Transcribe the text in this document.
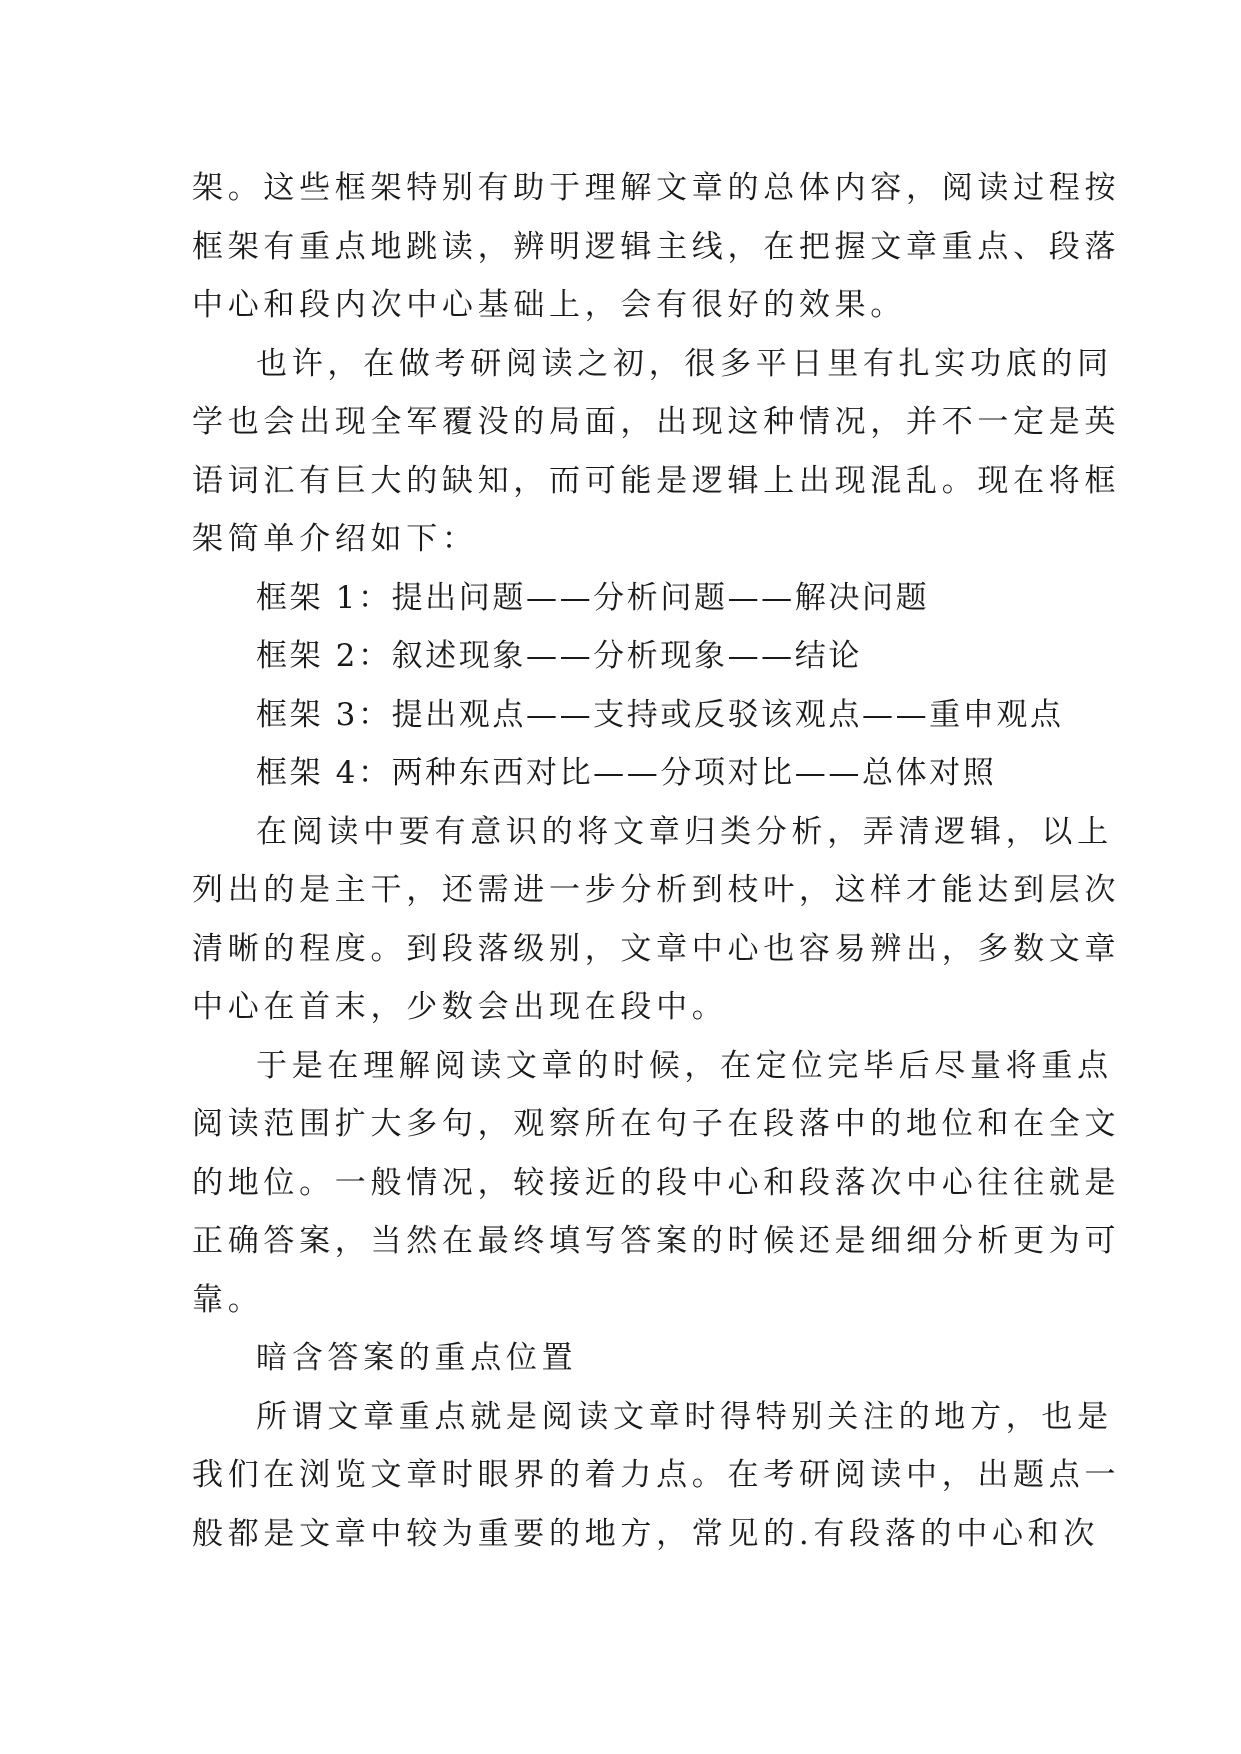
架。这些框架特别有助于理解文章的总体内容，阅读过程按
框架有重点地跳读，辨明逻辑主线，在把握文章重点、段落
中心和段内次中心基础上，会有很好的效果。
也许，在做考研阅读之初，很多平日里有扎实功底的同
学也会出现全军覆没的局面，出现这种情况，并不一定是英
语词汇有巨大的缺知，而可能是逻辑上出现混乱。现在将框
架简单介绍如下：
框架 1：提出问题——分析问题——解决问题
框架 2：叙述现象——分析现象——结论
框架 3：提出观点——支持或反驳该观点——重申观点
框架 4：两种东西对比——分项对比——总体对照
在阅读中要有意识的将文章归类分析，弄清逻辑，以上
列出的是主干，还需进一步分析到枝叶，这样才能达到层次
清晰的程度。到段落级别，文章中心也容易辨出，多数文章
中心在首末，少数会出现在段中。
于是在理解阅读文章的时候，在定位完毕后尽量将重点
阅读范围扩大多句，观察所在句子在段落中的地位和在全文
的地位。一般情况，较接近的段中心和段落次中心往往就是
正确答案，当然在最终填写答案的时候还是细细分析更为可
靠。
暗含答案的重点位置
所谓文章重点就是阅读文章时得特别关注的地方，也是
我们在浏览文章时眼界的着力点。在考研阅读中，出题点一
般都是文章中较为重要的地方，常见的.有段落的中心和次
